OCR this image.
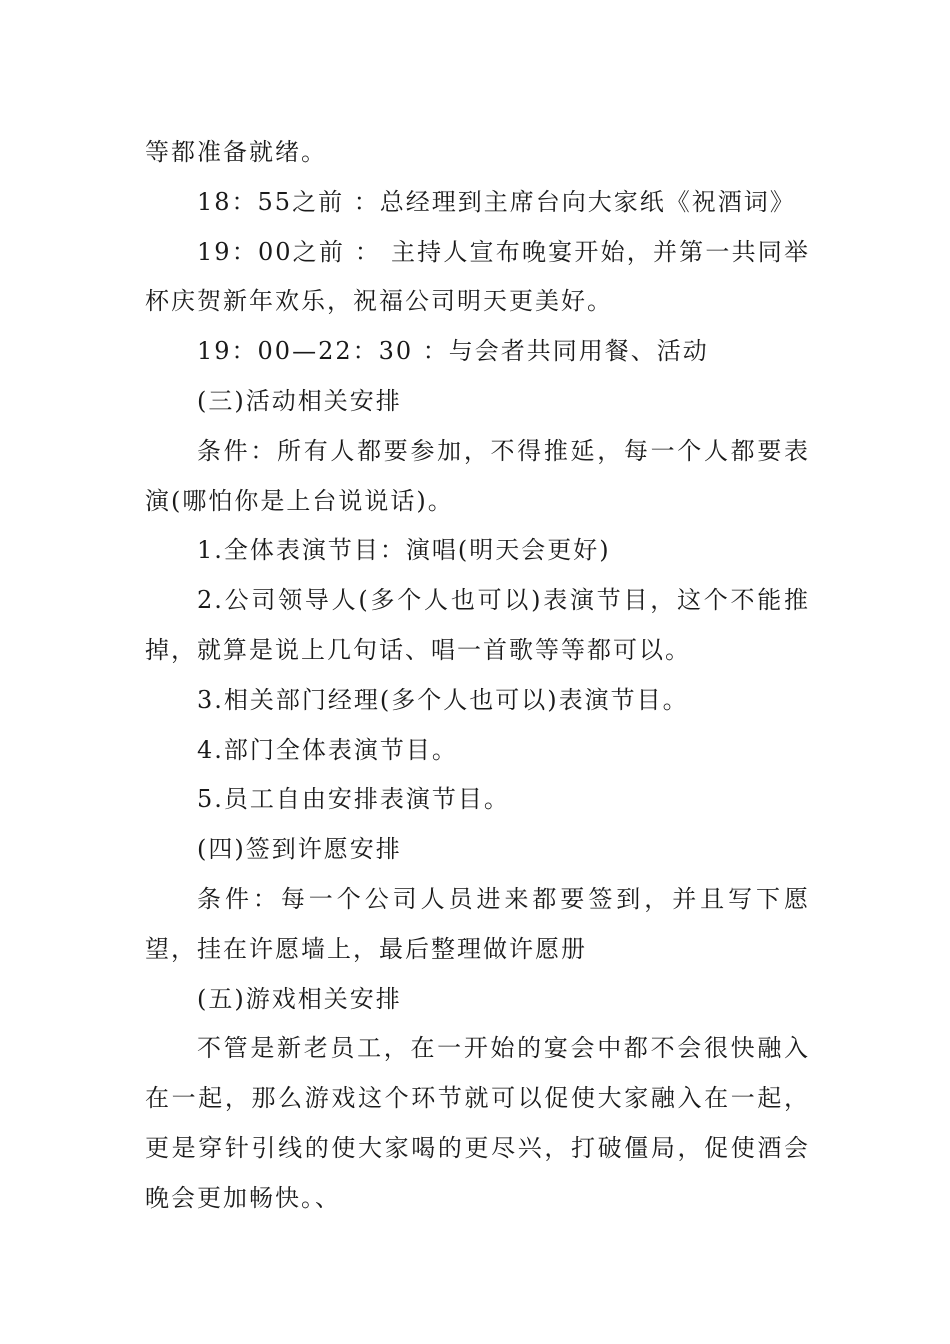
等都准备就绪。

18：55之前 ：总经理到主席台向大家纸《祝酒词》

19：00之前 ： 主持人宣布晚宴开始，并第一共同举杯庆贺新年欢乐，祝福公司明天更美好。

19：00—22：30 ：与会者共同用餐、活动

(三)活动相关安排

条件：所有人都要参加，不得推延，每一个人都要表演(哪怕你是上台说说话)。

1.全体表演节目：演唱(明天会更好)

2.公司领导人(多个人也可以)表演节目，这个不能推掉，就算是说上几句话、唱一首歌等等都可以。

3.相关部门经理(多个人也可以)表演节目。

4.部门全体表演节目。

5.员工自由安排表演节目。

(四)签到许愿安排

条件：每一个公司人员进来都要签到，并且写下愿望，挂在许愿墙上，最后整理做许愿册

(五)游戏相关安排

不管是新老员工，在一开始的宴会中都不会很快融入在一起，那么游戏这个环节就可以促使大家融入在一起，更是穿针引线的使大家喝的更尽兴，打破僵局，促使酒会晚会更加畅快。、
